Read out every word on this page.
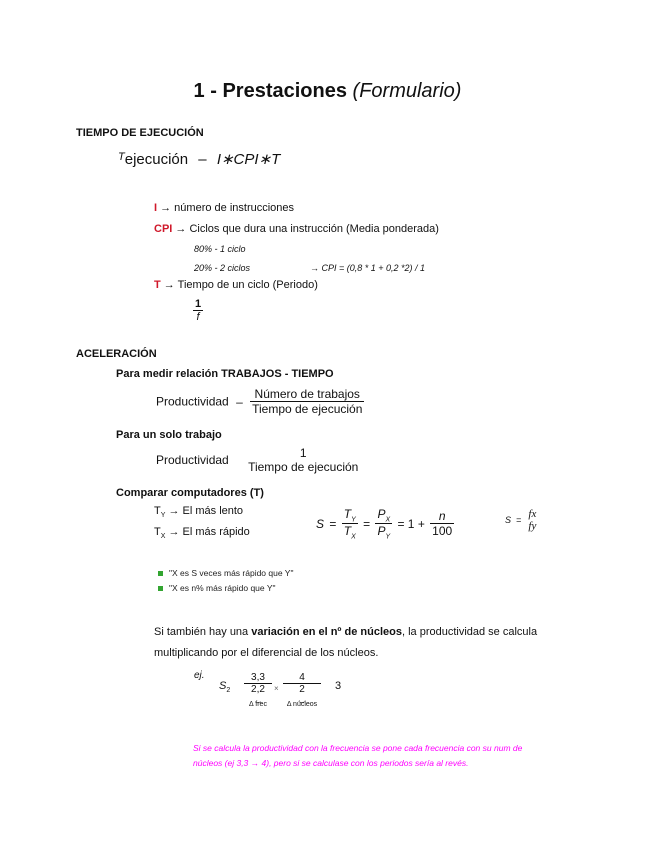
1 - Prestaciones (Formulario)
TIEMPO DE EJECUCIÓN
$^T$ejecución – I∗CPI∗T
I → número de instrucciones
CPI → Ciclos que dura una instrucción (Media ponderada)
80% - 1 ciclo
20% - 2 ciclos	→ CPI = (0,8 * 1 + 0,2 *2) / 1
T → Tiempo de un ciclo (Periodo)
$\frac{1}{f}$
ACELERACIÓN
Para medir relación TRABAJOS - TIEMPO
Productividad – $\frac{\text{Número de trabajos}}{\text{Tiempo de ejecución}}$
Para un solo trabajo
Productividad	1
Tiempo de ejecución
Comparar computadores (T)
$T_Y \to El$ más lento
$T_X \to El$ más rápido
$S = \frac{T_Y}{T_X} = \frac{P_X}{P_Y} = 1 + \frac{n}{100}$	S = fx
fy
"X es S veces más rápido que Y"
"X es n% más rápido que Y"
Si también hay una variación en el nº de núcleos, la productividad se calcula
multiplicando por el diferencial de los núcleos.
ej.
$S_2$
3,3
2,2
⏟
Δ frec
×
4
2
⏟
Δ núcleos
3
Si se calcula la productividad con la frecuencia se pone cada frecuencia con su num de
núcleos (ej 3,3 → 4), pero si se calculase con los periodos sería al revés.
